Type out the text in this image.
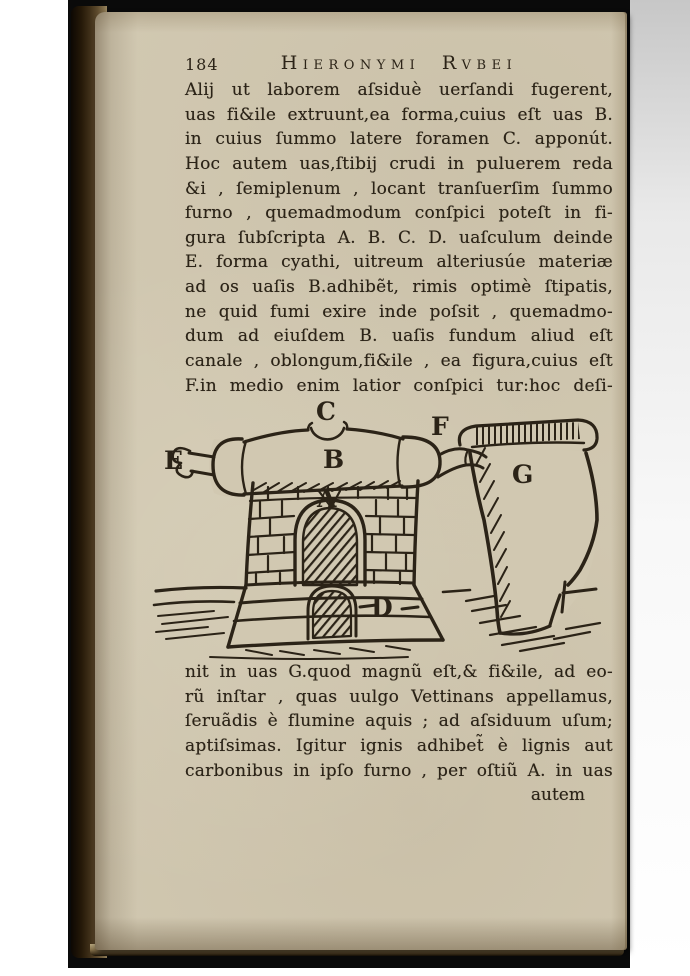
184	Hieronymi Rvbei
Alij ut laborem aſsiduè uerſandi fugerent,
uas fi&ile extruunt,ea forma,cuius eſt uas B.
in cuius ſummo latere foramen C. apponút.
Hoc autem uas,ſtibij crudi in puluerem reda
&i , ſemiplenum , locant tranſuerſim ſummo
furno , quemadmodum conſpici poteſt in fi-
gura ſubſcripta A. B. C. D. uaſculum deinde
E. forma cyathi, uitreum alteriusúe materiæ
ad os uaſis B.adhibẽt, rimis optimè ſtipatis,
ne quid fumi exire inde poſsit , quemadmo-
dum ad eiuſdem B. uaſis fundum aliud eſt
canale , oblongum,fi&ile , ea figura,cuius eſt
F.in medio enim latior conſpici tur:hoc deſi-
C
F
E	B
G
A
D
nit in uas G.quod magnũ eſt,& fi&ile, ad eo-
rũ inſtar , quas uulgo Vettinans appellamus,
ſeruãdis è flumine aquis ; ad aſsiduum uſum;
aptiſsimas. Igitur ignis adhibet̃ è lignis aut
carbonibus in ipſo furno , per oſtiũ A. in uas
autem
